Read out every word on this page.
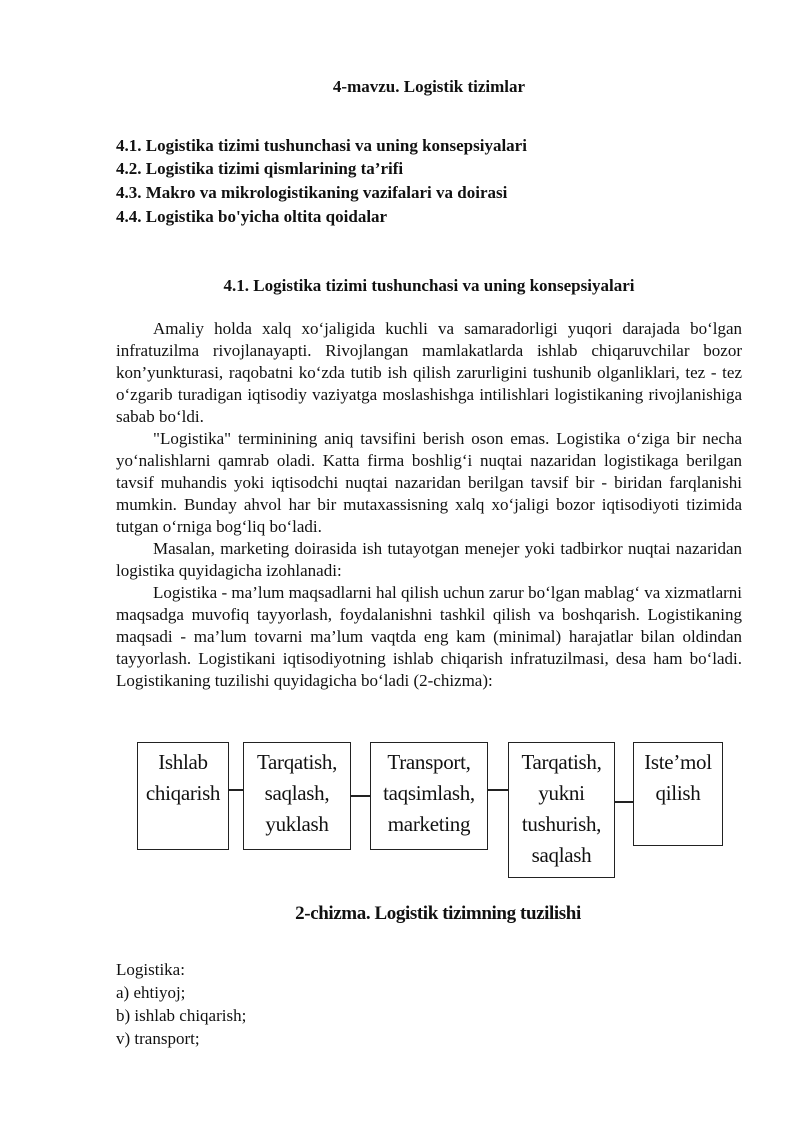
4-mavzu. Logistik tizimlar
4.1. Logistika tizimi tushunchasi va uning konsepsiyalari
4.2. Logistika tizimi qismlarining ta’rifi
4.3. Makro va mikrologistikaning vazifalari va doirasi
4.4. Logistika bo'yicha oltita qoidalar
4.1. Logistika tizimi tushunchasi va uning konsepsiyalari

Amaliy holda xalq xo‘jaligida kuchli va samaradorligi yuqori darajada bo‘lgan infratuzilma rivojlanayapti. Rivojlangan mamlakatlarda ishlab chiqaruvchilar bozor kon’yunkturasi, raqobatni ko‘zda tutib ish qilish zarurligini tushunib olganliklari, tez - tez o‘zgarib turadigan iqtisodiy vaziyatga moslashishga intilishlari logistikaning rivojlanishiga sabab bo‘ldi.

"Logistika" terminining aniq tavsifini berish oson emas. Logistika o‘ziga bir necha yo‘nalishlarni qamrab oladi. Katta firma boshlig‘i nuqtai nazaridan logistikaga berilgan tavsif muhandis yoki iqtisodchi nuqtai nazaridan berilgan tavsif bir - biridan farqlanishi mumkin. Bunday ahvol har bir mutaxassisning xalq xo‘jaligi bozor iqtisodiyoti tizimida tutgan o‘rniga bog‘liq bo‘ladi.

Masalan, marketing doirasida ish tutayotgan menejer yoki tadbirkor nuqtai nazaridan logistika quyidagicha izohlanadi:

Logistika - ma’lum maqsadlarni hal qilish uchun zarur bo‘lgan mablag‘ va xizmatlarni maqsadga muvofiq tayyorlash, foydalanishni tashkil qilish va boshqarish. Logistikaning maqsadi - ma’lum tovarni ma’lum vaqtda eng kam (minimal) harajatlar bilan oldindan tayyorlash. Logistikani iqtisodiyotning ishlab chiqarish infratuzilmasi, desa ham bo‘ladi. Logistikaning tuzilishi quyidagicha bo‘ladi (2-chizma):

Ishlab
chiqarish
Tarqatish,
saqlash,
yuklash
Transport,
taqsimlash,
marketing
Tarqatish,
yukni
tushurish,
saqlash
Iste’mol
qilish
2-chizma. Logistik tizimning tuzilishi
Logistika:
a) ehtiyoj;
b) ishlab chiqarish;
v) transport;
